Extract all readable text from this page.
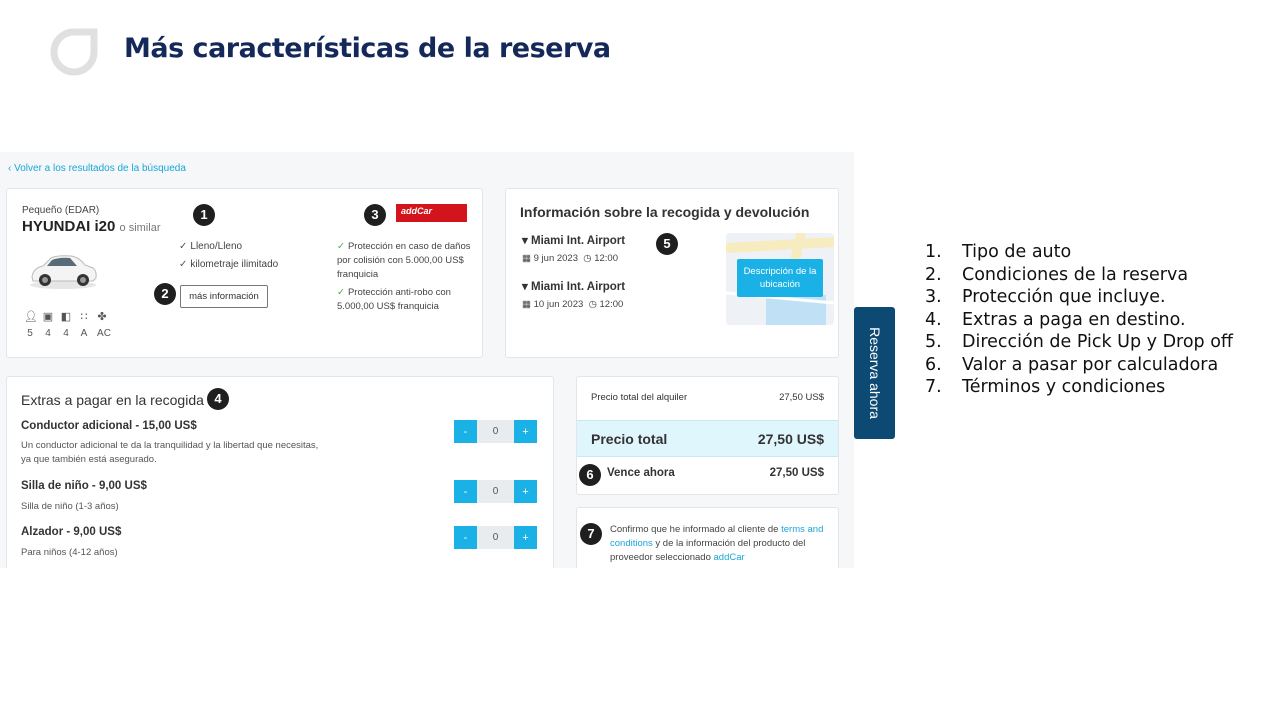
Más características de la reserva
‹ Volver a los resultados de la búsqueda
Pequeño (EDAR)
HYUNDAI i20 o similar
👤︎ ▣ ◧ ∷ ✤
5	4	4	A AC
1
✓ Lleno/Lleno
✓ kilometraje ilimitado
2	más información
3	addCar
✓ Protección en caso de daños por colisión con 5.000,00 US$ franquicia
✓ Protección anti-robo con 5.000,00 US$ franquicia
Información sobre la recogida y devolución
▾ Miami Int. Airport
▦ 9 jun 2023 ◷ 12:00
▾ Miami Int. Airport
▦ 10 jun 2023 ◷ 12:00
5
Descripción de la ubicación
Extras a pagar en la recogida 4
Conductor adicional - 15,00 US$
Un conductor adicional te da la tranquilidad y la libertad que necesitas, ya que también está asegurado.
-
0	+
Silla de niño - 9,00 US$
Silla de niño (1-3 años)
-
0	+
Alzador - 9,00 US$
Para niños (4-12 años)
-
0	+
Precio total del alquiler	27,50 US$
Precio total	27,50 US$
6	Vence ahora	27,50 US$
7	Confirmo que he informado al cliente de terms and conditions y de la información del producto del proveedor seleccionado addCar
Reserva ahora
1.	Tipo de auto
2.	Condiciones de la reserva
3.	Protección que incluye.
4.	Extras a paga en destino.
5.	Dirección de Pick Up y Drop off
6.	Valor a pasar por calculadora
7.	Términos y condiciones
